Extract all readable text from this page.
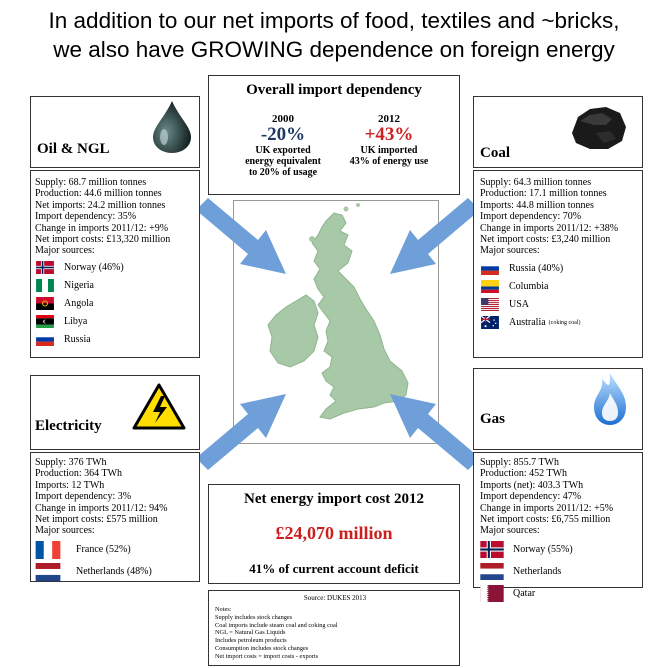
In addition to our net imports of food, textiles and ~bricks,
we also have GROWING dependence on foreign energy
Overall import dependency
2000
-20%
UK exported
energy equivalent
to 20% of usage
2012
+43%
UK imported
43% of energy use
Oil & NGL
Supply: 68.7 million tonnes
Production: 44.6 million tonnes
Net imports: 24.2 million tonnes
Import dependency: 35%
Change in imports 2011/12: +9%
Net import costs: £13,320 million
Major sources:
Norway (46%)
Nigeria
Angola
Libya
Russia
Coal
Supply: 64.3 million tonnes
Production: 17.1 million tonnes
Imports: 44.8 million tonnes
Import dependency: 70%
Change in imports 2011/12: +38%
Net import costs: £3,240 million
Major sources:
Russia (40%)
Columbia
USA
Australia (coking coal)
Electricity
Supply: 376 TWh
Production: 364 TWh
Imports: 12 TWh
Import dependency: 3%
Change in imports 2011/12: 94%
Net import costs: £575 million
Major sources:
France (52%)
Netherlands (48%)
Gas
Supply: 855.7 TWh
Production: 452 TWh
Imports (net): 403.3 TWh
Import dependency: 47%
Change in imports 2011/12: +5%
Net import costs: £6,755 million
Major sources:
Norway (55%)
Netherlands
Qatar
Net energy import cost 2012
£24,070 million
41% of current account deficit
Source: DUKES 2013
Notes:
Supply includes stock changes
Coal imports include steam coal and coking coal
NGL = Natural Gas Liquids
Includes petroleum products
Consumption includes stock changes
Net import costs = import costs - exports
